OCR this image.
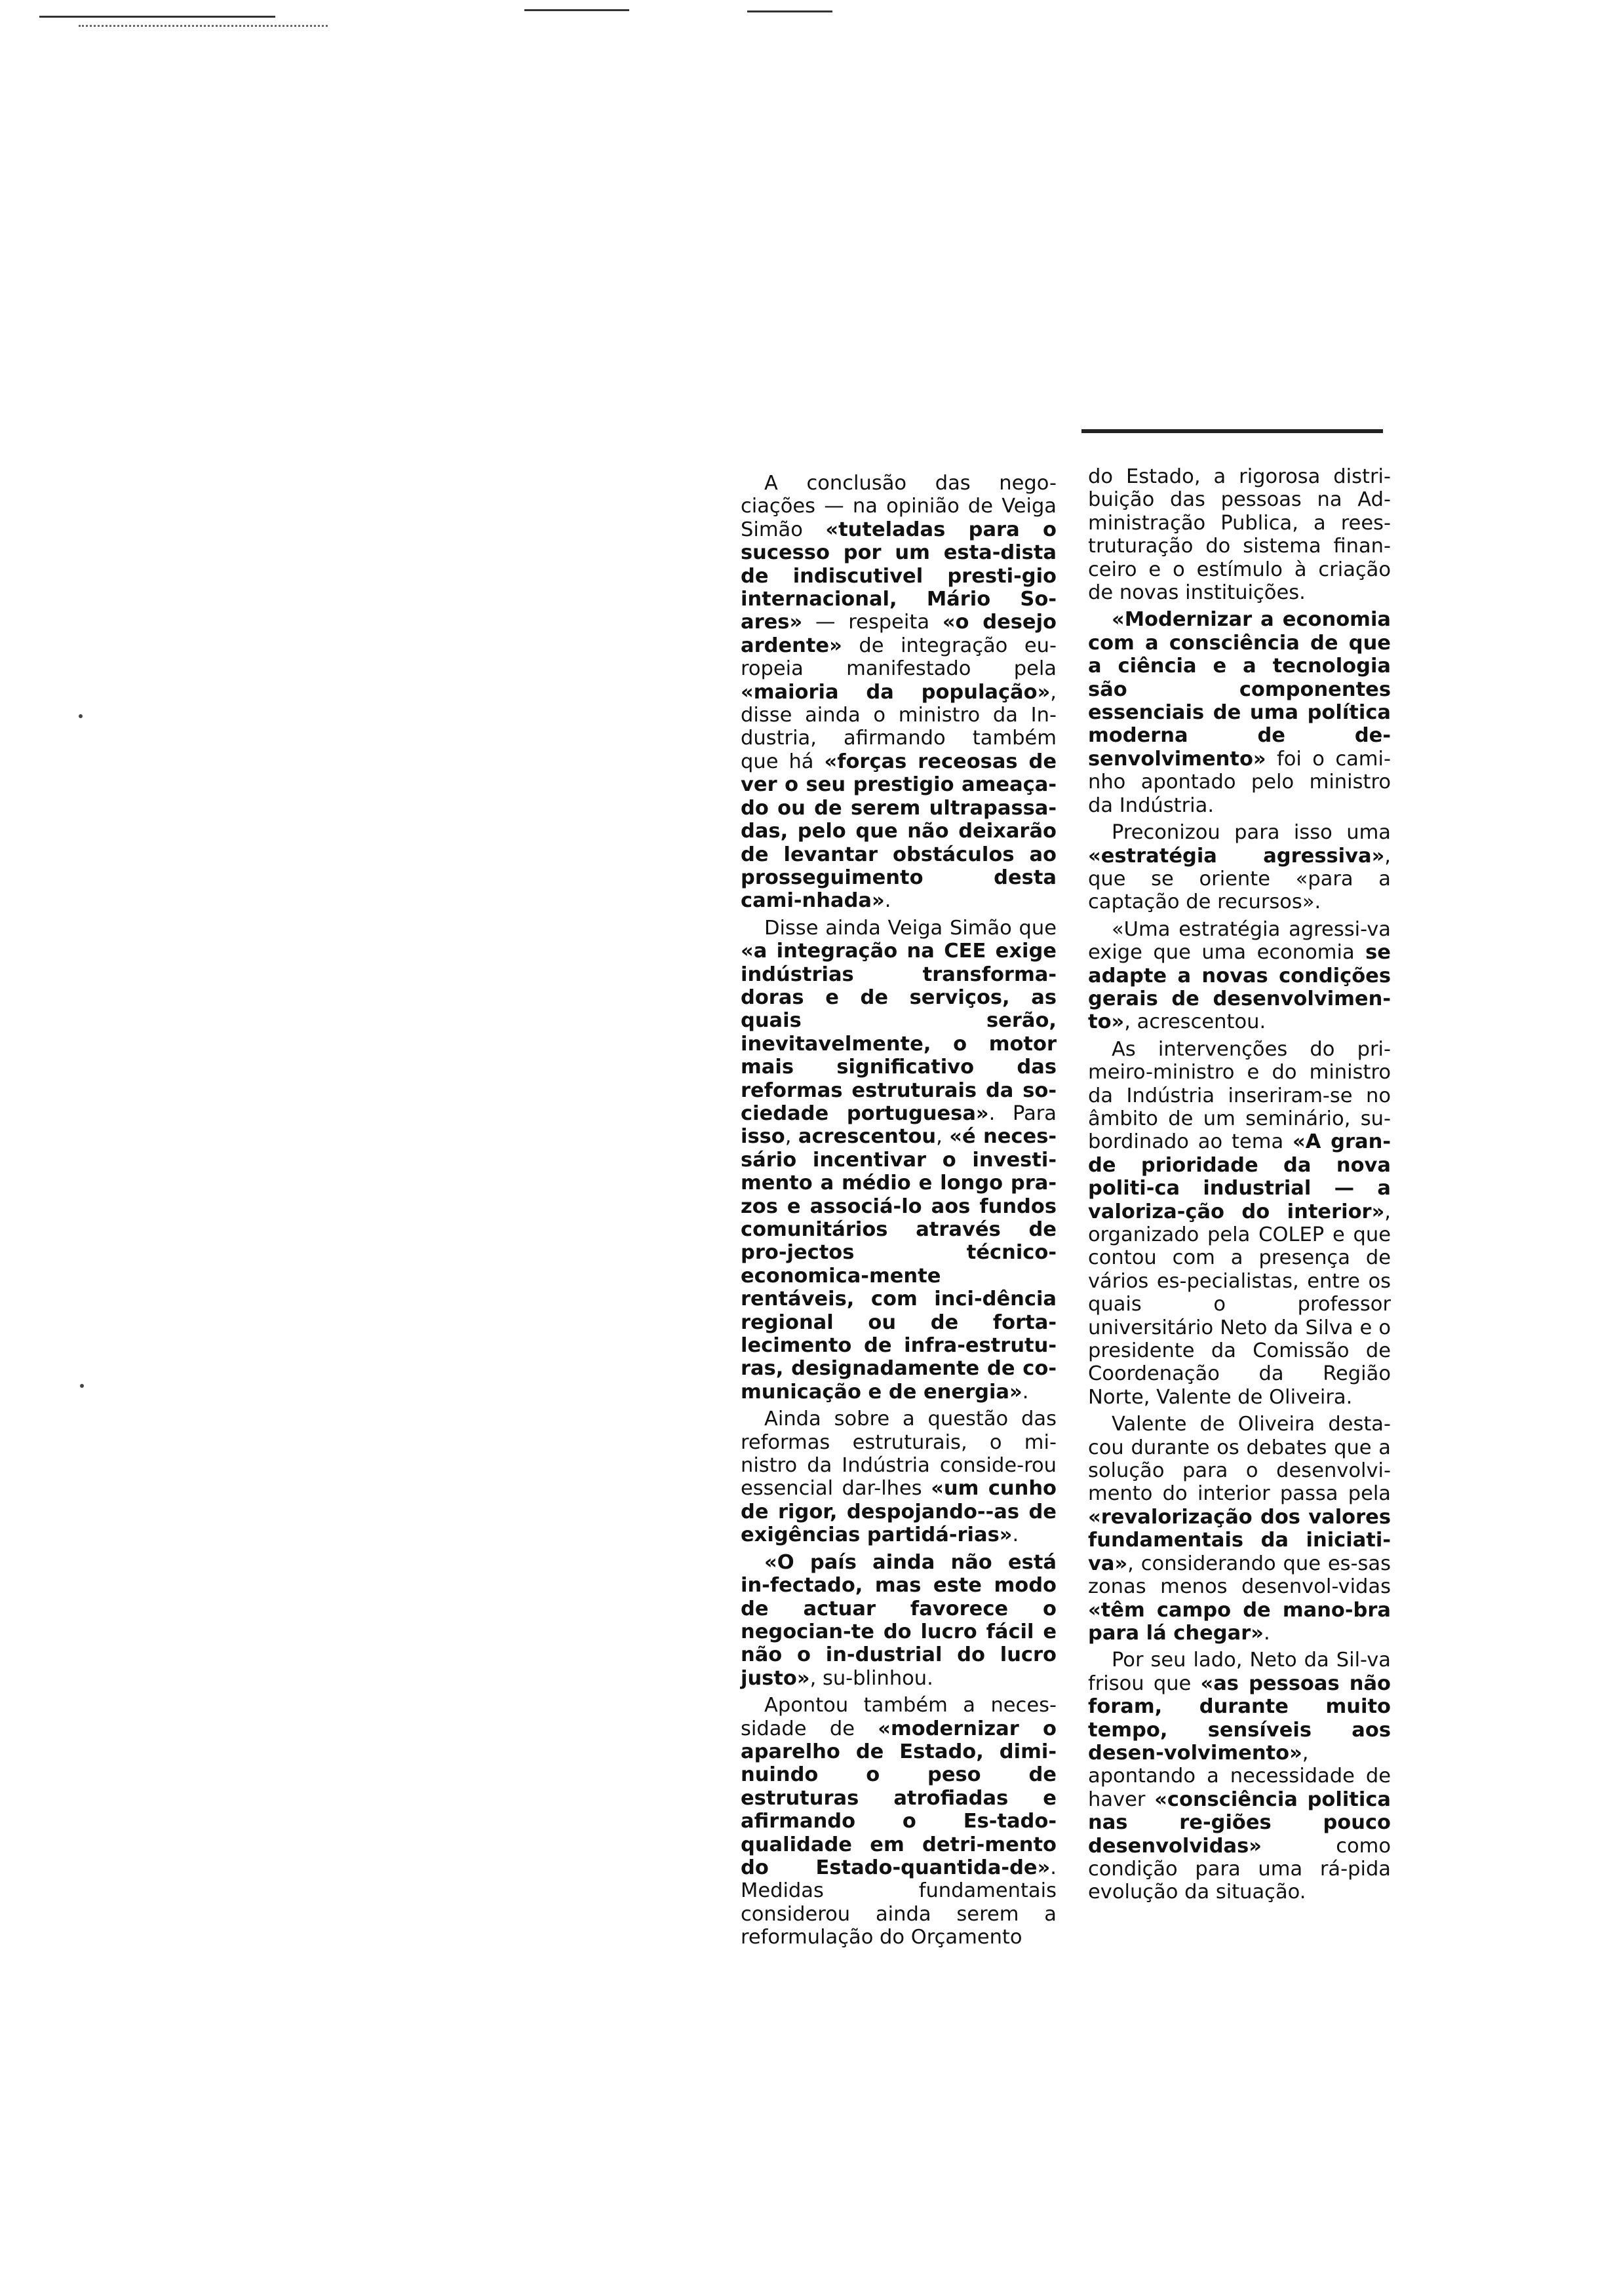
A conclusão das nego-ciações — na opinião de Veiga Simão «tuteladas para o sucesso por um esta-dista de indiscutivel presti-gio internacional, Mário So-ares» — respeita «o desejo ardente» de integração eu-ropeia manifestado pela «maioria da população», disse ainda o ministro da In-dustria, afirmando também que há «forças receosas de ver o seu prestigio ameaça-do ou de serem ultrapassa-das, pelo que não deixarão de levantar obstáculos ao prosseguimento desta cami-nhada».

Disse ainda Veiga Simão que «a integração na CEE exige indústrias transforma-doras e de serviços, as quais serão, inevitavelmente, o motor mais significativo das reformas estruturais da so-ciedade portuguesa». Para isso, acrescentou, «é neces-sário incentivar o investi-mento a médio e longo pra-zos e associá-lo aos fundos comunitários através de pro-jectos técnico-economica-mente rentáveis, com inci-dência regional ou de forta-lecimento de infra-estrutu-ras, designadamente de co-municação e de energia».

Ainda sobre a questão das reformas estruturais, o mi-nistro da Indústria conside-rou essencial dar-lhes «um cunho de rigor, despojando--as de exigências partidá-rias».

«O país ainda não está in-fectado, mas este modo de actuar favorece o negocian-te do lucro fácil e não o in-dustrial do lucro justo», su-blinhou.

Apontou também a neces-sidade de «modernizar o aparelho de Estado, dimi-nuindo o peso de estruturas atrofiadas e afirmando o Es-tado-qualidade em detri-mento do Estado-quantida-de». Medidas fundamentais considerou ainda serem a reformulação do Orçamento

do Estado, a rigorosa distri-buição das pessoas na Ad-ministração Publica, a rees-truturação do sistema finan-ceiro e o estímulo à criação de novas instituições.

«Modernizar a economia com a consciência de que a ciência e a tecnologia são componentes essenciais de uma política moderna de de-senvolvimento» foi o cami-nho apontado pelo ministro da Indústria.

Preconizou para isso uma «estratégia agressiva», que se oriente «para a captação de recursos».

«Uma estratégia agressi-va exige que uma economia se adapte a novas condições gerais de desenvolvimen-to», acrescentou.

As intervenções do pri-meiro-ministro e do ministro da Indústria inseriram-se no âmbito de um seminário, su-bordinado ao tema «A gran-de prioridade da nova politi-ca industrial — a valoriza-ção do interior», organizado pela COLEP e que contou com a presença de vários es-pecialistas, entre os quais o professor universitário Neto da Silva e o presidente da Comissão de Coordenação da Região Norte, Valente de Oliveira.

Valente de Oliveira desta-cou durante os debates que a solução para o desenvolvi-mento do interior passa pela «revalorização dos valores fundamentais da iniciati-va», considerando que es-sas zonas menos desenvol-vidas «têm campo de mano-bra para lá chegar».

Por seu lado, Neto da Sil-va frisou que «as pessoas não foram, durante muito tempo, sensíveis aos desen-volvimento», apontando a necessidade de haver «consciência politica nas re-giões pouco desenvolvidas» como condição para uma rá-pida evolução da situação.
